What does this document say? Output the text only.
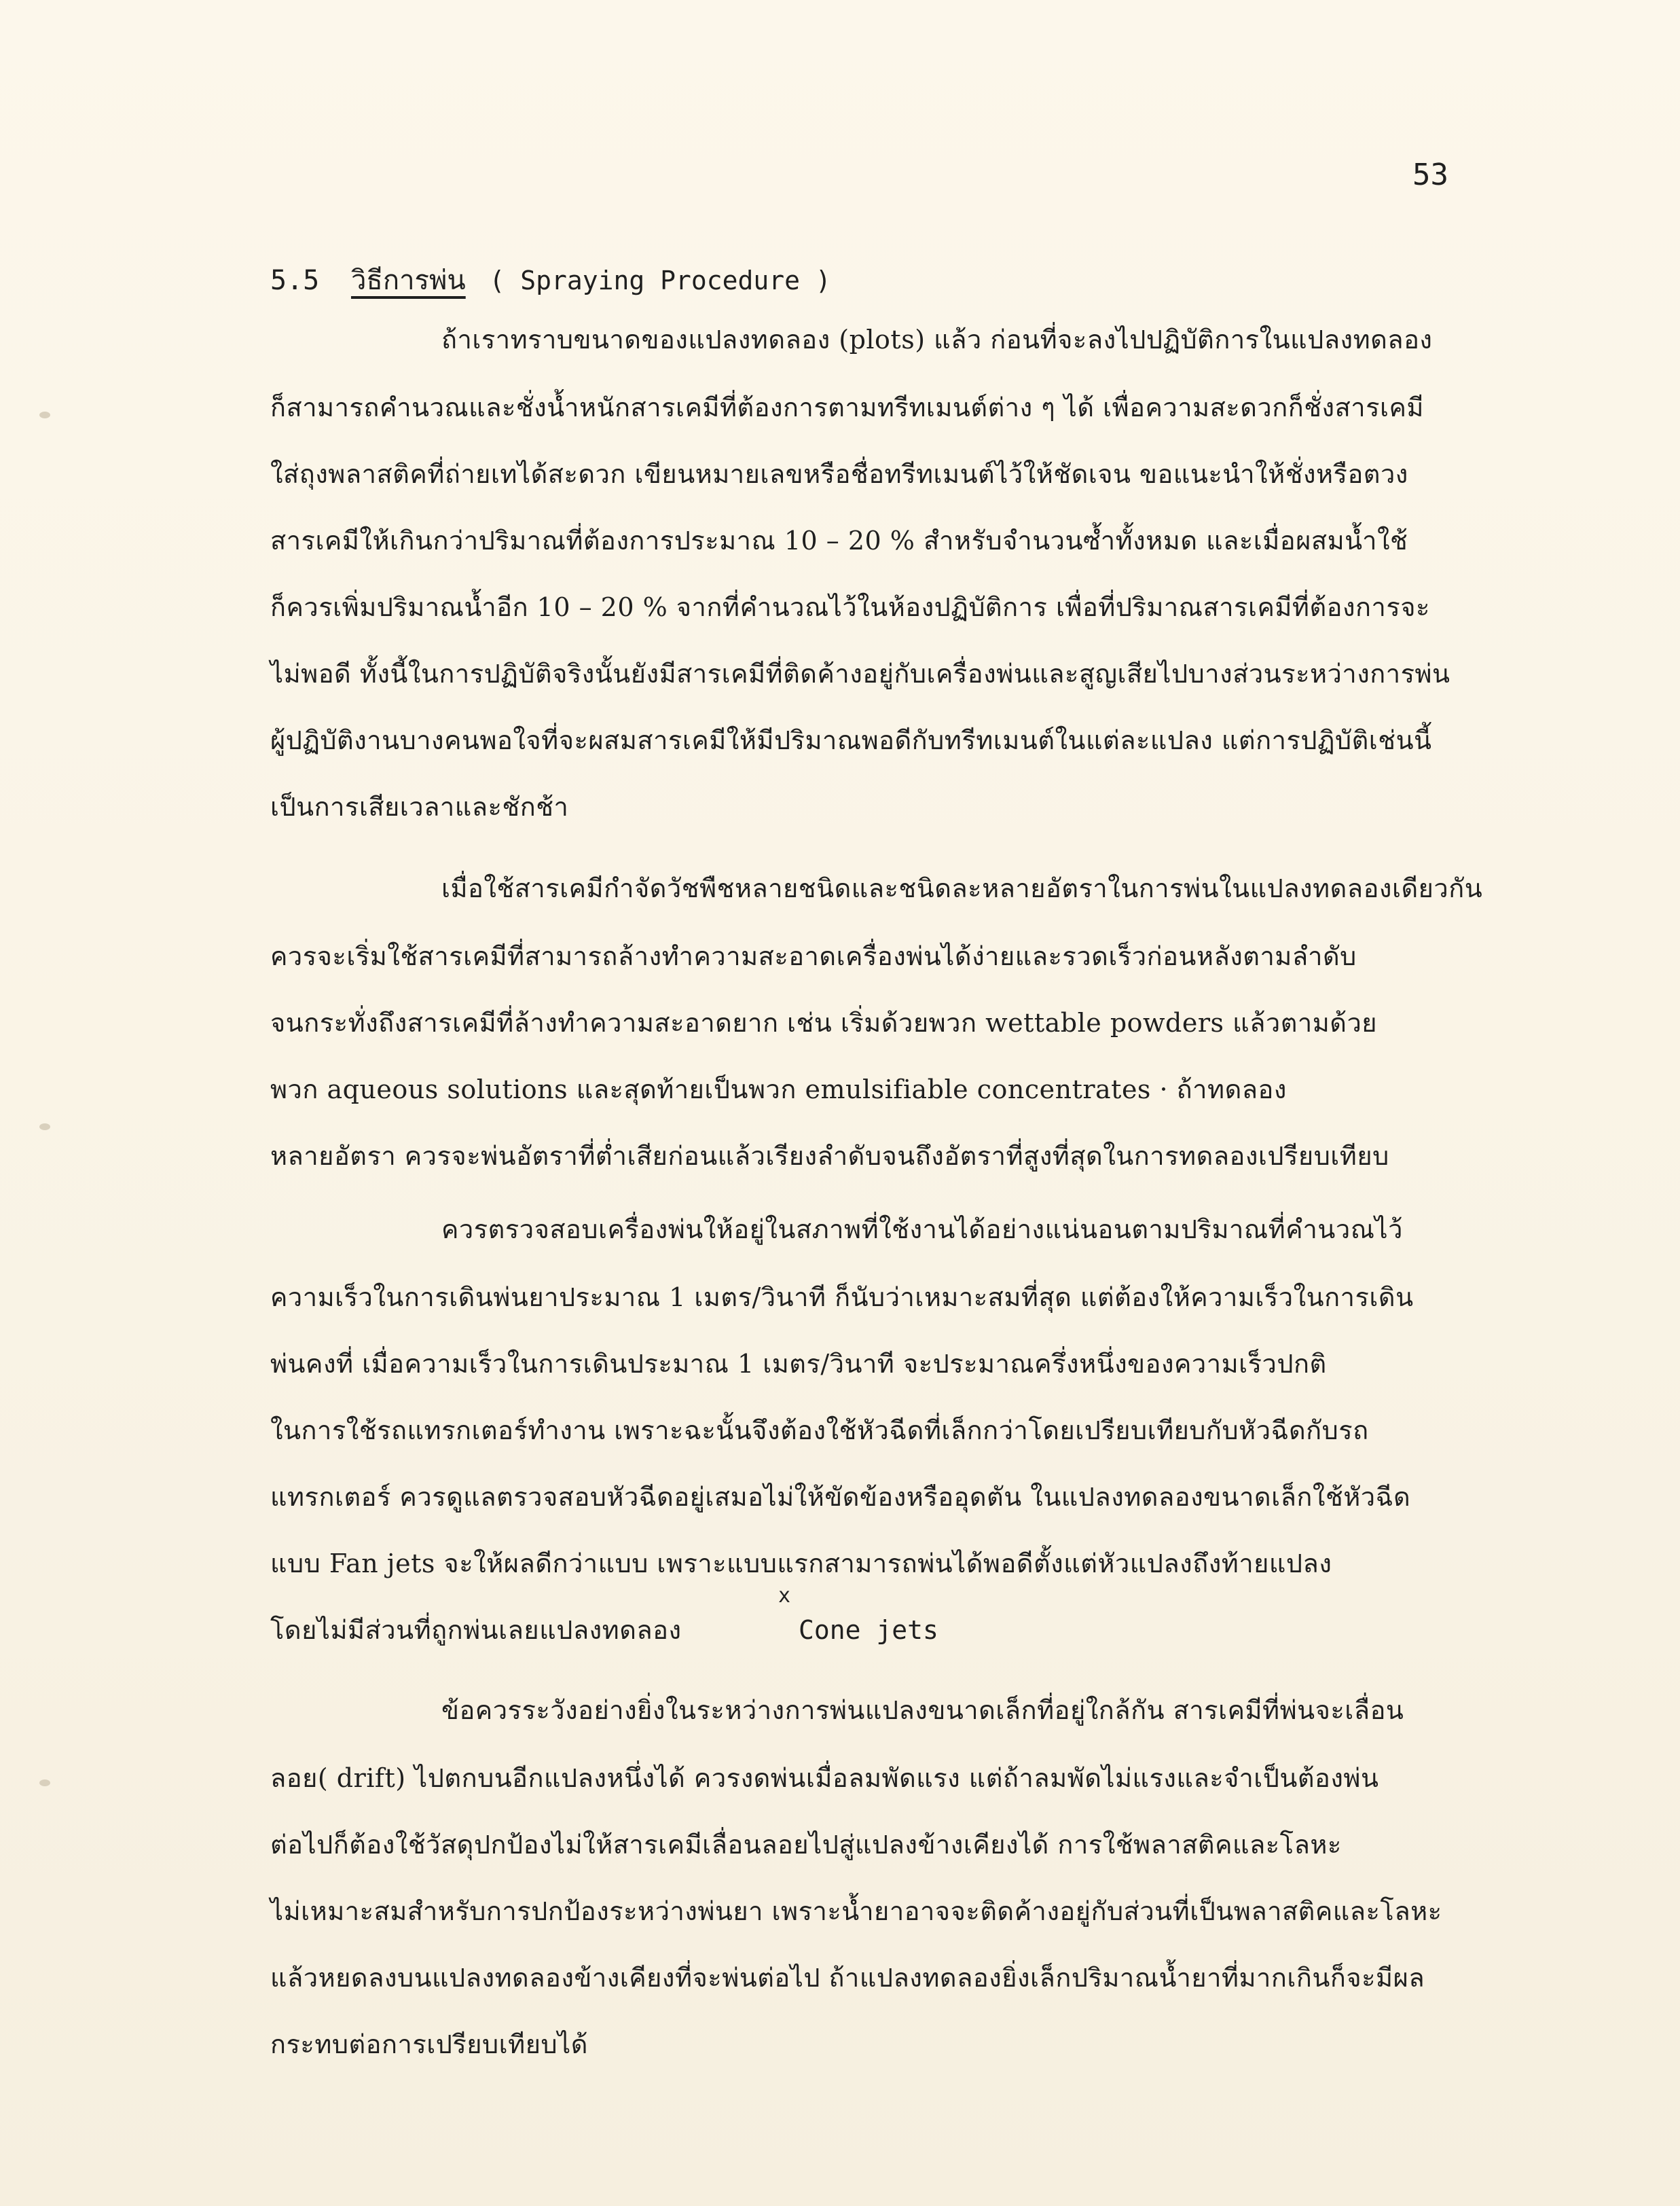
53
5.5 วิธีการพ่น ( Spraying Procedure )
ถ้าเราทราบขนาดของแปลงทดลอง (plots) แล้ว ก่อนที่จะลงไปปฏิบัติการในแปลงทดลอง
ก็สามารถคำนวณและชั่งน้ำหนักสารเคมีที่ต้องการตามทรีทเมนต์ต่าง ๆ ได้ เพื่อความสะดวกก็ชั่งสารเคมี
ใส่ถุงพลาสติคที่ถ่ายเทได้สะดวก เขียนหมายเลขหรือชื่อทรีทเมนต์ไว้ให้ชัดเจน ขอแนะนำให้ชั่งหรือตวง
สารเคมีให้เกินกว่าปริมาณที่ต้องการประมาณ 10 – 20 % สำหรับจำนวนซ้ำทั้งหมด และเมื่อผสมน้ำใช้
ก็ควรเพิ่มปริมาณน้ำอีก 10 – 20 % จากที่คำนวณไว้ในห้องปฏิบัติการ เพื่อที่ปริมาณสารเคมีที่ต้องการจะ
ไม่พอดี ทั้งนี้ในการปฏิบัติจริงนั้นยังมีสารเคมีที่ติดค้างอยู่กับเครื่องพ่นและสูญเสียไปบางส่วนระหว่างการพ่น
ผู้ปฏิบัติงานบางคนพอใจที่จะผสมสารเคมีให้มีปริมาณพอดีกับทรีทเมนต์ในแต่ละแปลง แต่การปฏิบัติเช่นนี้
เป็นการเสียเวลาและชักช้า
เมื่อใช้สารเคมีกำจัดวัชพืชหลายชนิดและชนิดละหลายอัตราในการพ่นในแปลงทดลองเดียวกัน
ควรจะเริ่มใช้สารเคมีที่สามารถล้างทำความสะอาดเครื่องพ่นได้ง่ายและรวดเร็วก่อนหลังตามลำดับ
จนกระทั่งถึงสารเคมีที่ล้างทำความสะอาดยาก เช่น เริ่มด้วยพวก wettable powders แล้วตามด้วย
พวก aqueous solutions และสุดท้ายเป็นพวก emulsifiable concentrates · ถ้าทดลอง
หลายอัตรา ควรจะพ่นอัตราที่ต่ำเสียก่อนแล้วเรียงลำดับจนถึงอัตราที่สูงที่สุดในการทดลองเปรียบเทียบ
ควรตรวจสอบเครื่องพ่นให้อยู่ในสภาพที่ใช้งานได้อย่างแน่นอนตามปริมาณที่คำนวณไว้
ความเร็วในการเดินพ่นยาประมาณ 1 เมตร/วินาที ก็นับว่าเหมาะสมที่สุด แต่ต้องให้ความเร็วในการเดิน
พ่นคงที่ เมื่อความเร็วในการเดินประมาณ 1 เมตร/วินาที จะประมาณครึ่งหนึ่งของความเร็วปกติ
ในการใช้รถแทรกเตอร์ทำงาน เพราะฉะนั้นจึงต้องใช้หัวฉีดที่เล็กกว่าโดยเปรียบเทียบกับหัวฉีดกับรถ
แทรกเตอร์ ควรดูแลตรวจสอบหัวฉีดอยู่เสมอไม่ให้ขัดข้องหรืออุดตัน ในแปลงทดลองขนาดเล็กใช้หัวฉีด
แบบ Fan jets จะให้ผลดีกว่าแบบ เพราะแบบแรกสามารถพ่นได้พอดีตั้งแต่หัวแปลงถึงท้ายแปลง
x
โดยไม่มีส่วนที่ถูกพ่นเลยแปลงทดลอง	Cone jets
ข้อควรระวังอย่างยิ่งในระหว่างการพ่นแปลงขนาดเล็กที่อยู่ใกล้กัน สารเคมีที่พ่นจะเลื่อน
ลอย( drift) ไปตกบนอีกแปลงหนึ่งได้ ควรงดพ่นเมื่อลมพัดแรง แต่ถ้าลมพัดไม่แรงและจำเป็นต้องพ่น
ต่อไปก็ต้องใช้วัสดุปกป้องไม่ให้สารเคมีเลื่อนลอยไปสู่แปลงข้างเคียงได้ การใช้พลาสติคและโลหะ
ไม่เหมาะสมสำหรับการปกป้องระหว่างพ่นยา เพราะน้ำยาอาจจะติดค้างอยู่กับส่วนที่เป็นพลาสติคและโลหะ
แล้วหยดลงบนแปลงทดลองข้างเคียงที่จะพ่นต่อไป ถ้าแปลงทดลองยิ่งเล็กปริมาณน้ำยาที่มากเกินก็จะมีผล
กระทบต่อการเปรียบเทียบได้
